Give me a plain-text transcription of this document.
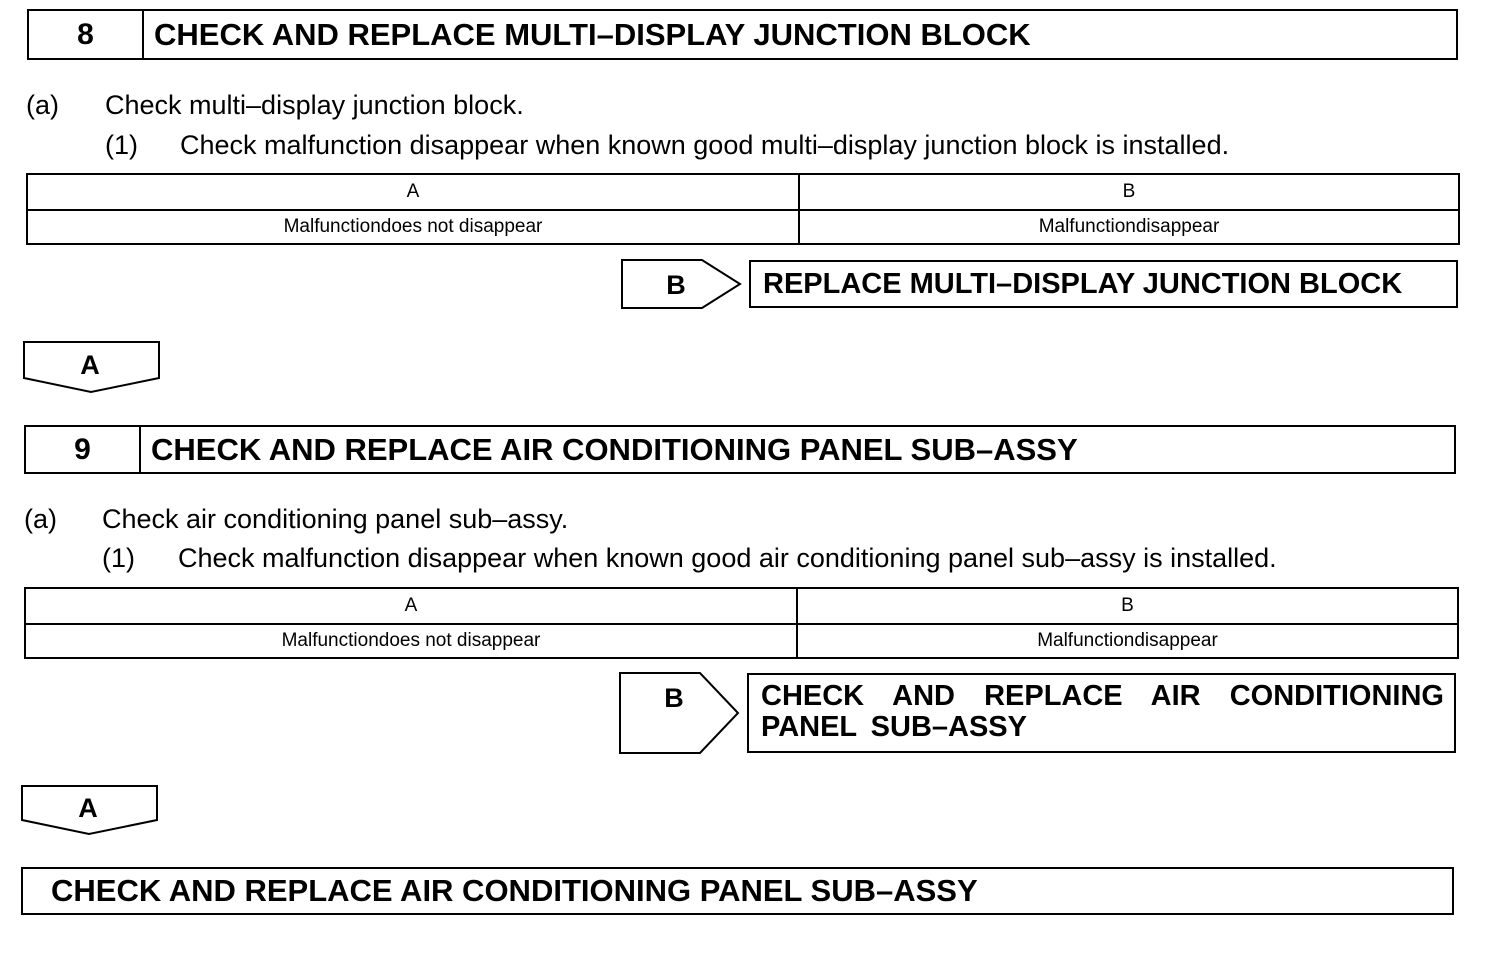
8	CHECK AND REPLACE MULTI–DISPLAY JUNCTION BLOCK
(a) Check multi–display junction block.
(1) Check malfunction disappear when known good multi–display junction block is installed.
A	B
Malfunctiondoes not disappear	Malfunctiondisappear
REPLACE MULTI–DISPLAY JUNCTION BLOCK
9	CHECK AND REPLACE AIR CONDITIONING PANEL SUB–ASSY
(a) Check air conditioning panel sub–assy.
(1) Check malfunction disappear when known good air conditioning panel sub–assy is installed.
A	B
Malfunctiondoes not disappear	Malfunctiondisappear
CHECK AND REPLACE AIR CONDITIONING PANEL SUB–ASSY
CHECK AND REPLACE AIR CONDITIONING PANEL SUB–ASSY
B
A
B
A
